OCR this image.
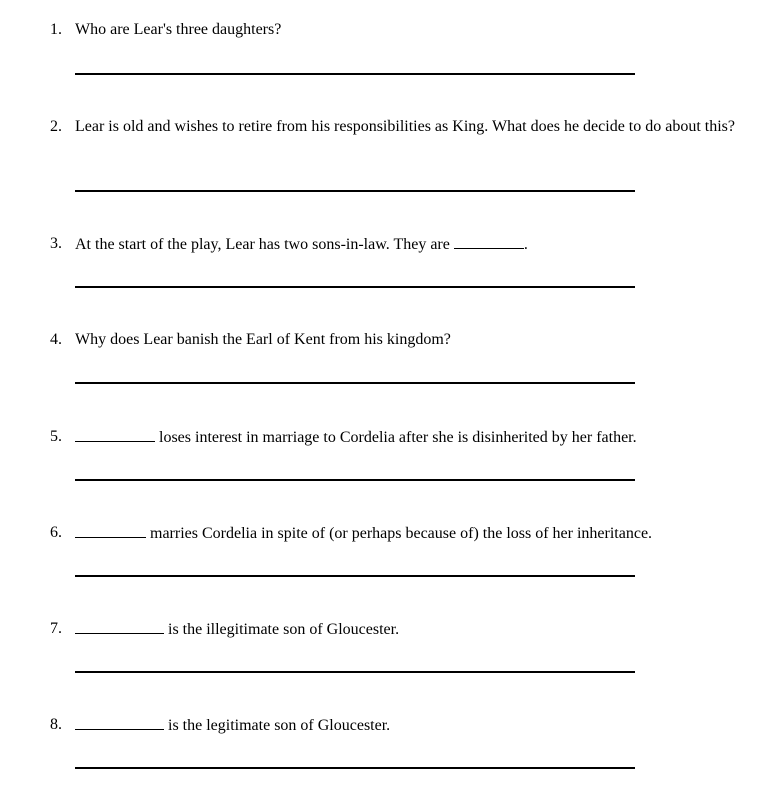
1. Who are Lear's three daughters?
2. Lear is old and wishes to retire from his responsibilities as King. What does he decide to do about this?
3. At the start of the play, Lear has two sons-in-law. They are	.
4. Why does Lear banish the Earl of Kent from his kingdom?
5.	loses interest in marriage to Cordelia after she is disinherited by her father.
6.	marries Cordelia in spite of (or perhaps because of) the loss of her inheritance.
7.	is the illegitimate son of Gloucester.
8.	is the legitimate son of Gloucester.
